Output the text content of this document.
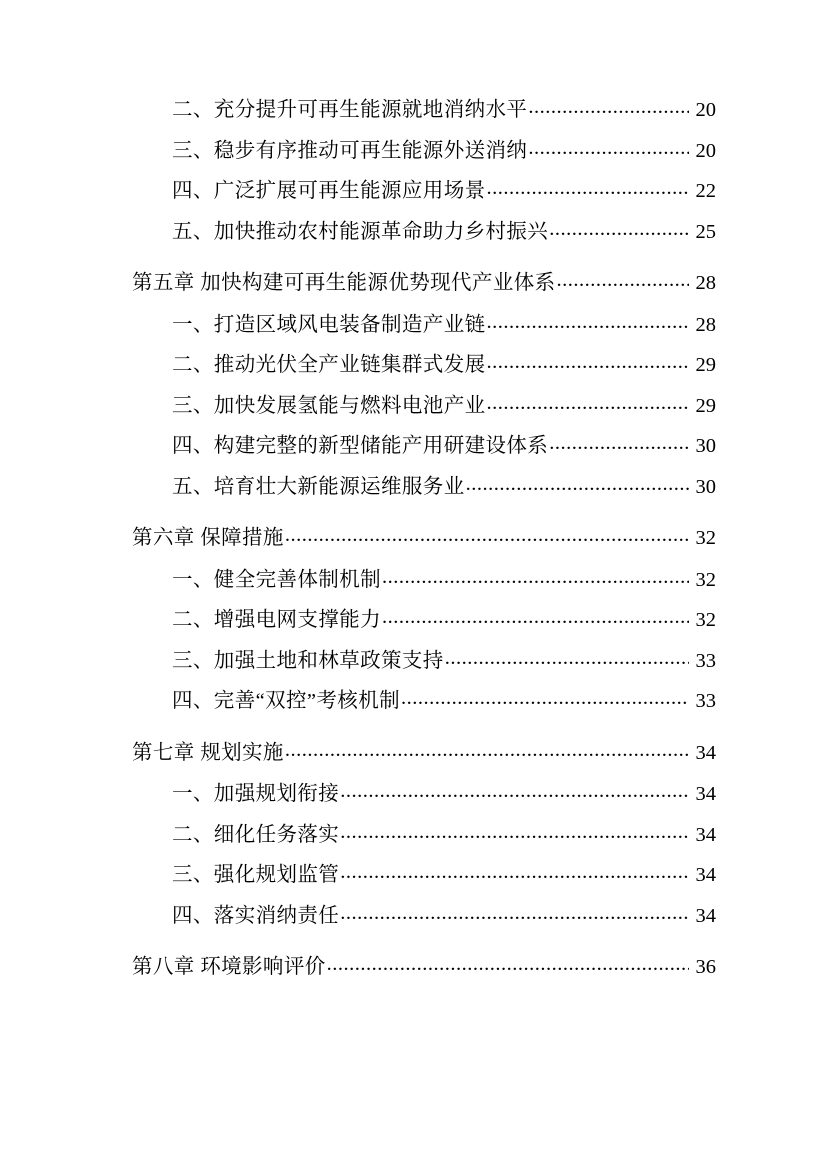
二、充分提升可再生能源就地消纳水平 .....	20
三、稳步有序推动可再生能源外送消纳 .....	20
四、广泛扩展可再生能源应用场景 .....	22
五、加快推动农村能源革命助力乡村振兴 .....	25
第五章 加快构建可再生能源优势现代产业体系 .....	28
一、打造区域风电装备制造产业链 .....	28
二、推动光伏全产业链集群式发展 .....	29
三、加快发展氢能与燃料电池产业 .....	29
四、构建完整的新型储能产用研建设体系 .....	30
五、培育壮大新能源运维服务业 .....	30
第六章 保障措施 .....	32
一、健全完善体制机制 .....	32
二、增强电网支撑能力 .....	32
三、加强土地和林草政策支持 .....	33
四、完善“双控”考核机制 .....	33
第七章 规划实施 .....	34
一、加强规划衔接 .....	34
二、细化任务落实 .....	34
三、强化规划监管 .....	34
四、落实消纳责任 .....	34
第八章 环境影响评价 .....	36
